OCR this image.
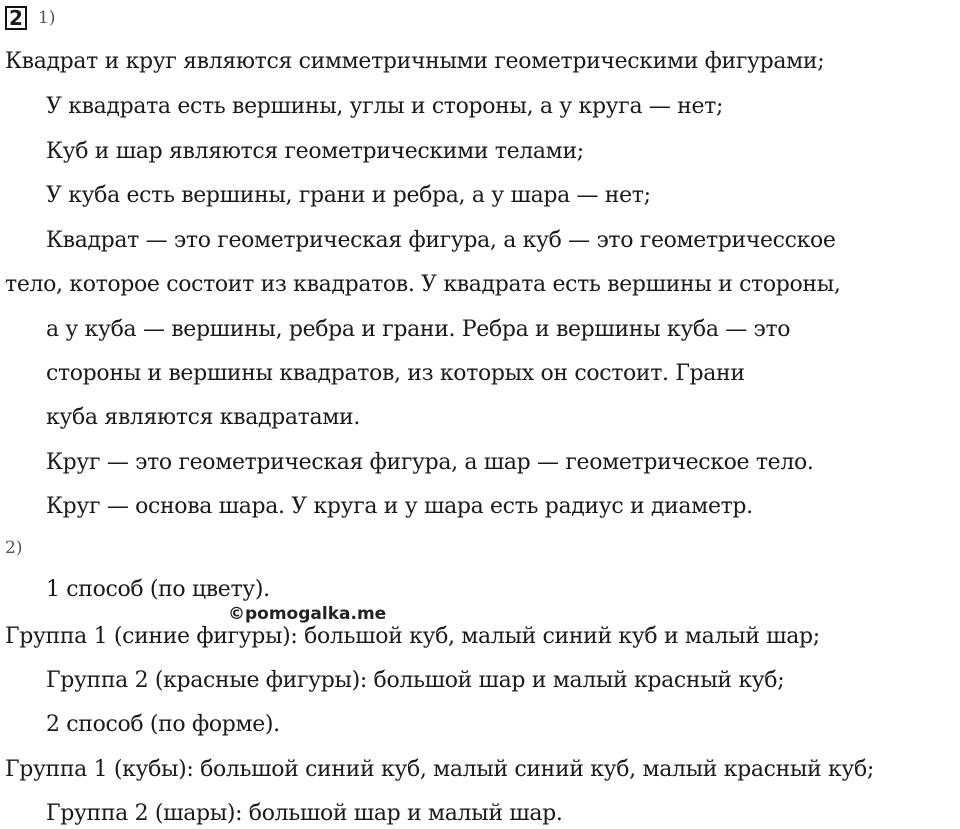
2 1)
Квадрат и круг являются симметричными геометрическими фигурами;
У квадрата есть вершины, углы и стороны, а у круга — нет;
Куб и шар являются геометрическими телами;
У куба есть вершины, грани и ребра, а у шара — нет;
Квадрат — это геометрическая фигура, а куб — это геометричесское
тело, которое состоит из квадратов. У квадрата есть вершины и стороны,
а у куба — вершины, ребра и грани. Ребра и вершины куба — это
стороны и вершины квадратов, из которых он состоит. Грани
куба являются квадратами.
Круг — это геометрическая фигура, а шар — геометрическое тело.
Круг — основа шара. У круга и у шара есть радиус и диаметр.
2)
1 способ (по цвету).
©pomogalka.me
Группа 1 (синие фигуры): большой куб, малый синий куб и малый шар;
Группа 2 (красные фигуры): большой шар и малый красный куб;
2 способ (по форме).
Группа 1 (кубы): большой синий куб, малый синий куб, малый красный куб;
Группа 2 (шары): большой шар и малый шар.
